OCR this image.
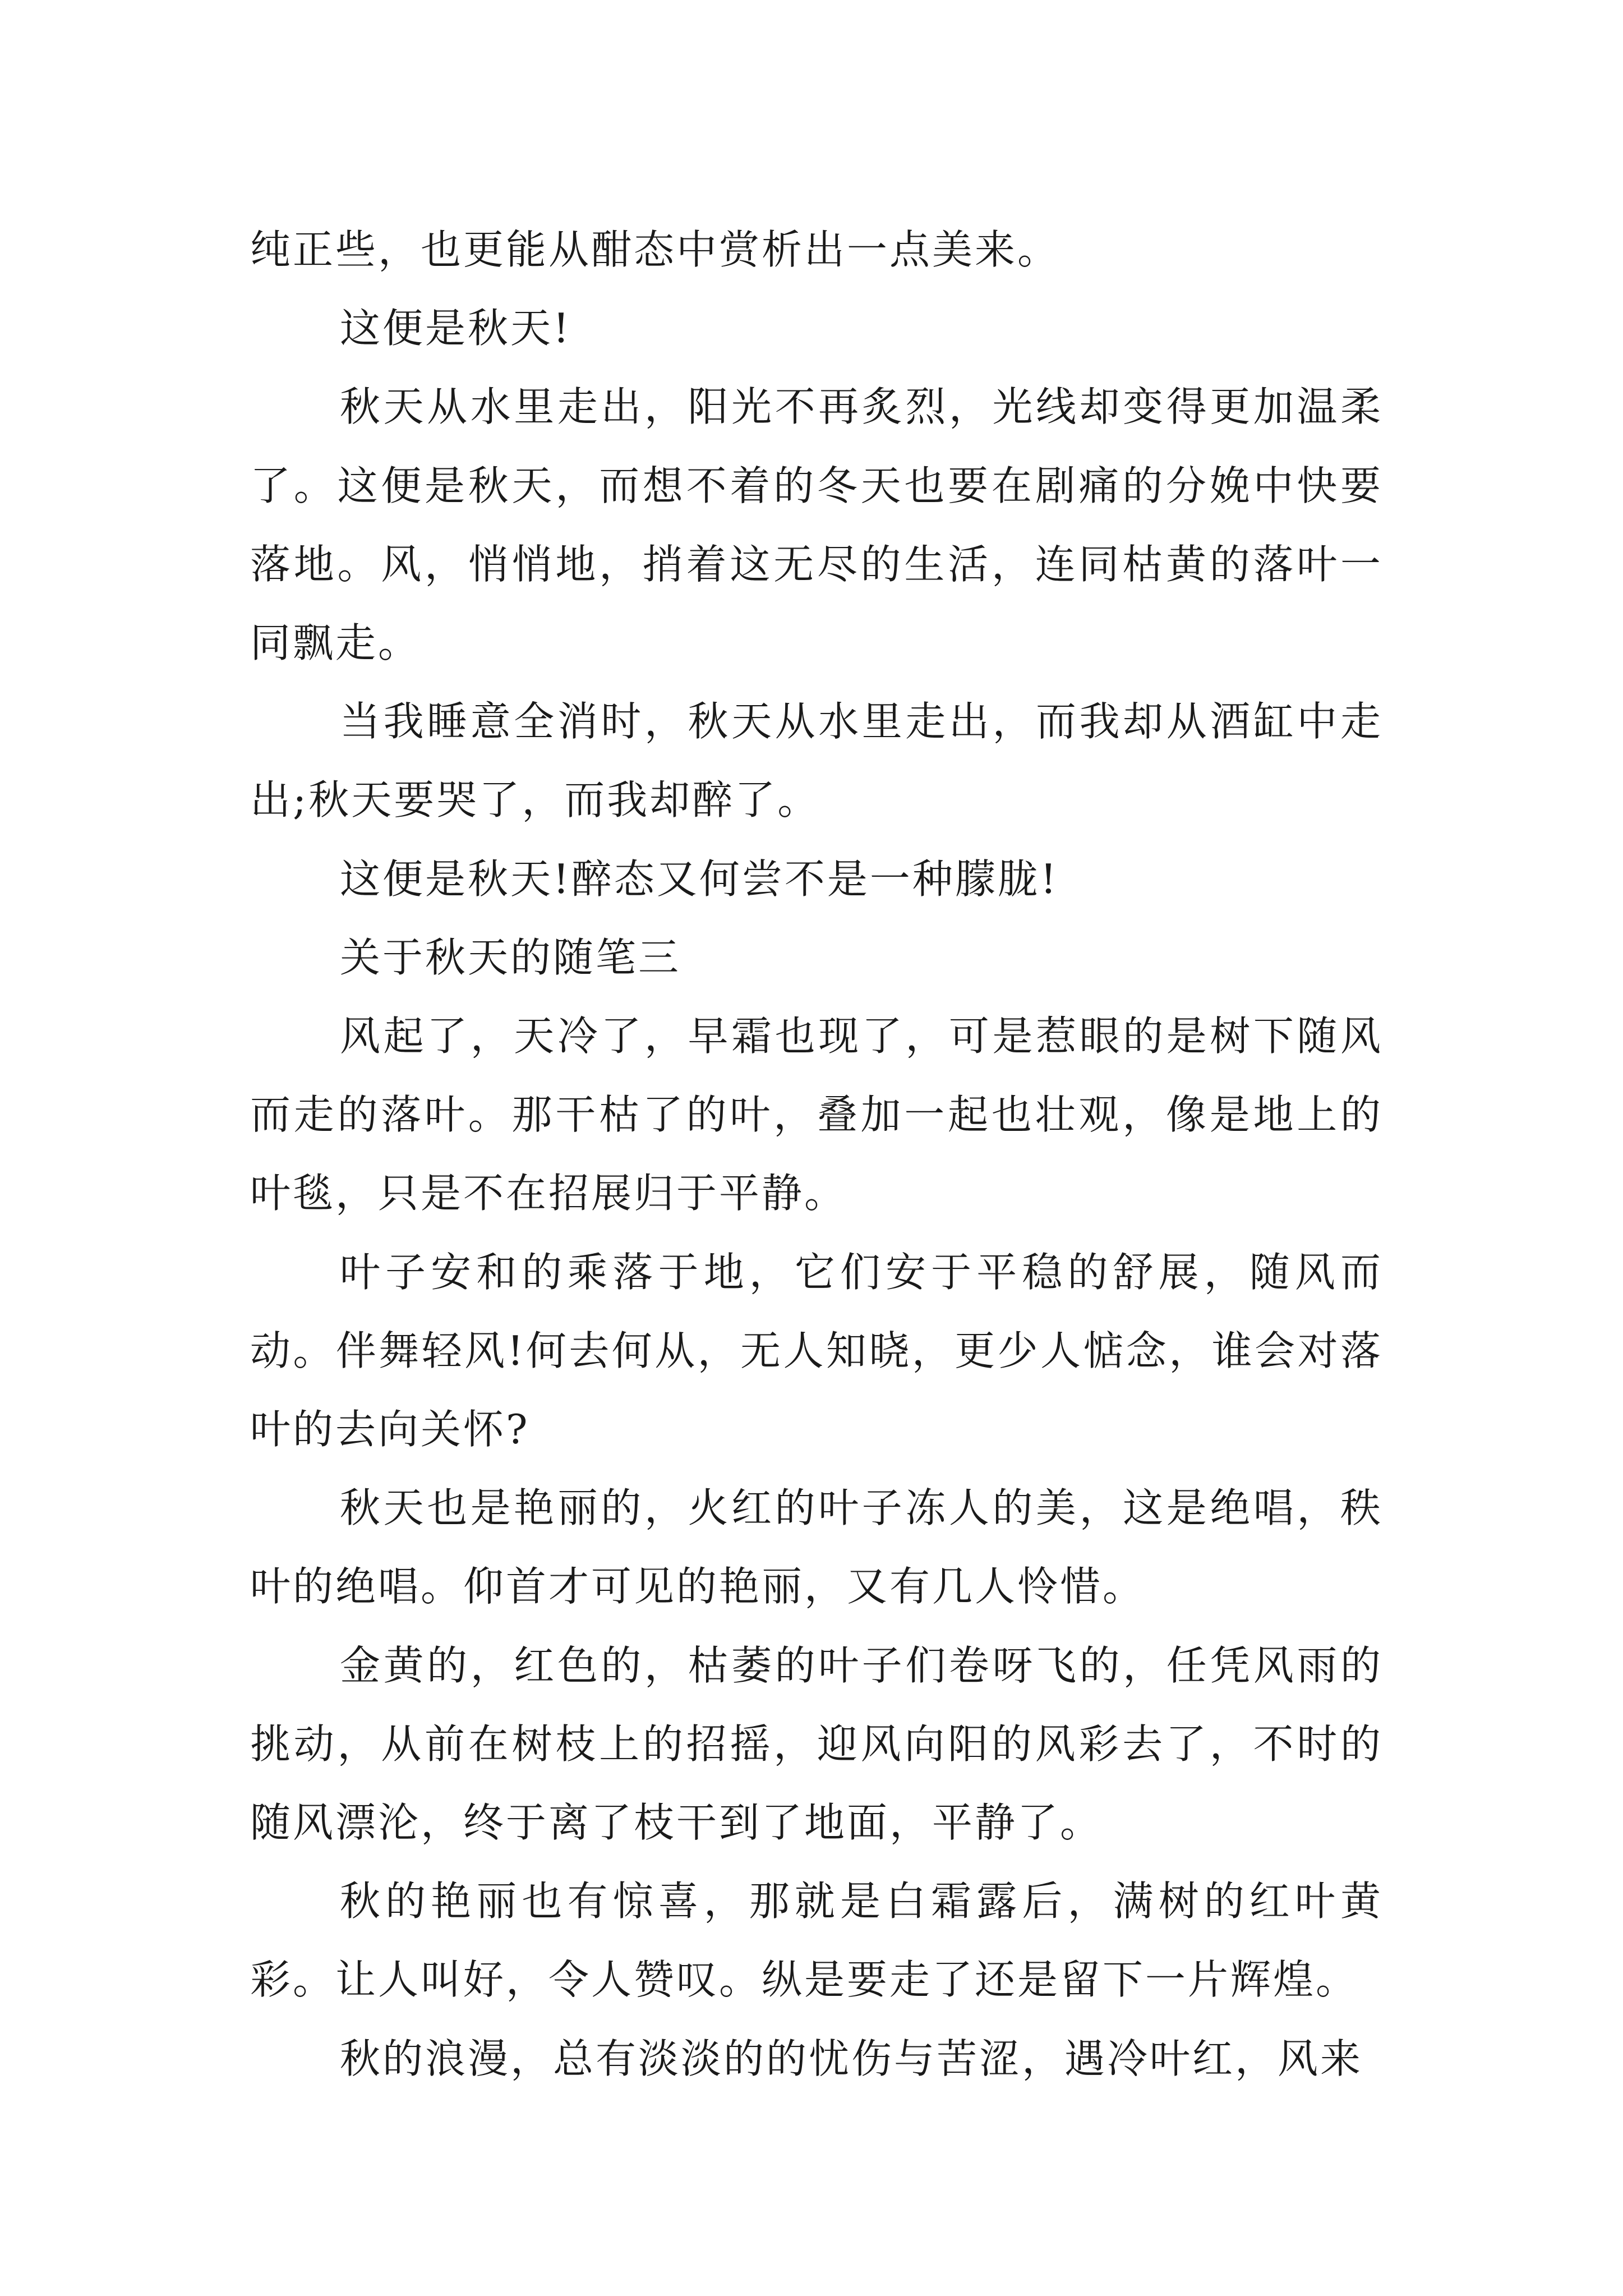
纯正些，也更能从酣态中赏析出一点美来。

这便是秋天!

秋天从水里走出，阳光不再炙烈，光线却变得更加温柔了。这便是秋天，而想不着的冬天也要在剧痛的分娩中快要落地。风，悄悄地，捎着这无尽的生活，连同枯黄的落叶一同飘走。

当我睡意全消时，秋天从水里走出，而我却从酒缸中走出;秋天要哭了，而我却醉了。

这便是秋天!醉态又何尝不是一种朦胧!

关于秋天的随笔三

风起了，天冷了，早霜也现了，可是惹眼的是树下随风而走的落叶。那干枯了的叶，叠加一起也壮观，像是地上的叶毯，只是不在招展归于平静。

叶子安和的乘落于地，它们安于平稳的舒展，随风而动。伴舞轻风!何去何从，无人知晓，更少人惦念，谁会对落叶的去向关怀?

秋天也是艳丽的，火红的叶子冻人的美，这是绝唱，秩叶的绝唱。仰首才可见的艳丽，又有几人怜惜。

金黄的，红色的，枯萎的叶子们卷呀飞的，任凭风雨的挑动，从前在树枝上的招摇，迎风向阳的风彩去了，不时的随风漂沦，终于离了枝干到了地面，平静了。

秋的艳丽也有惊喜，那就是白霜露后，满树的红叶黄彩。让人叫好，令人赞叹。纵是要走了还是留下一片辉煌。

秋的浪漫，总有淡淡的的忧伤与苦涩，遇冷叶红，风来
